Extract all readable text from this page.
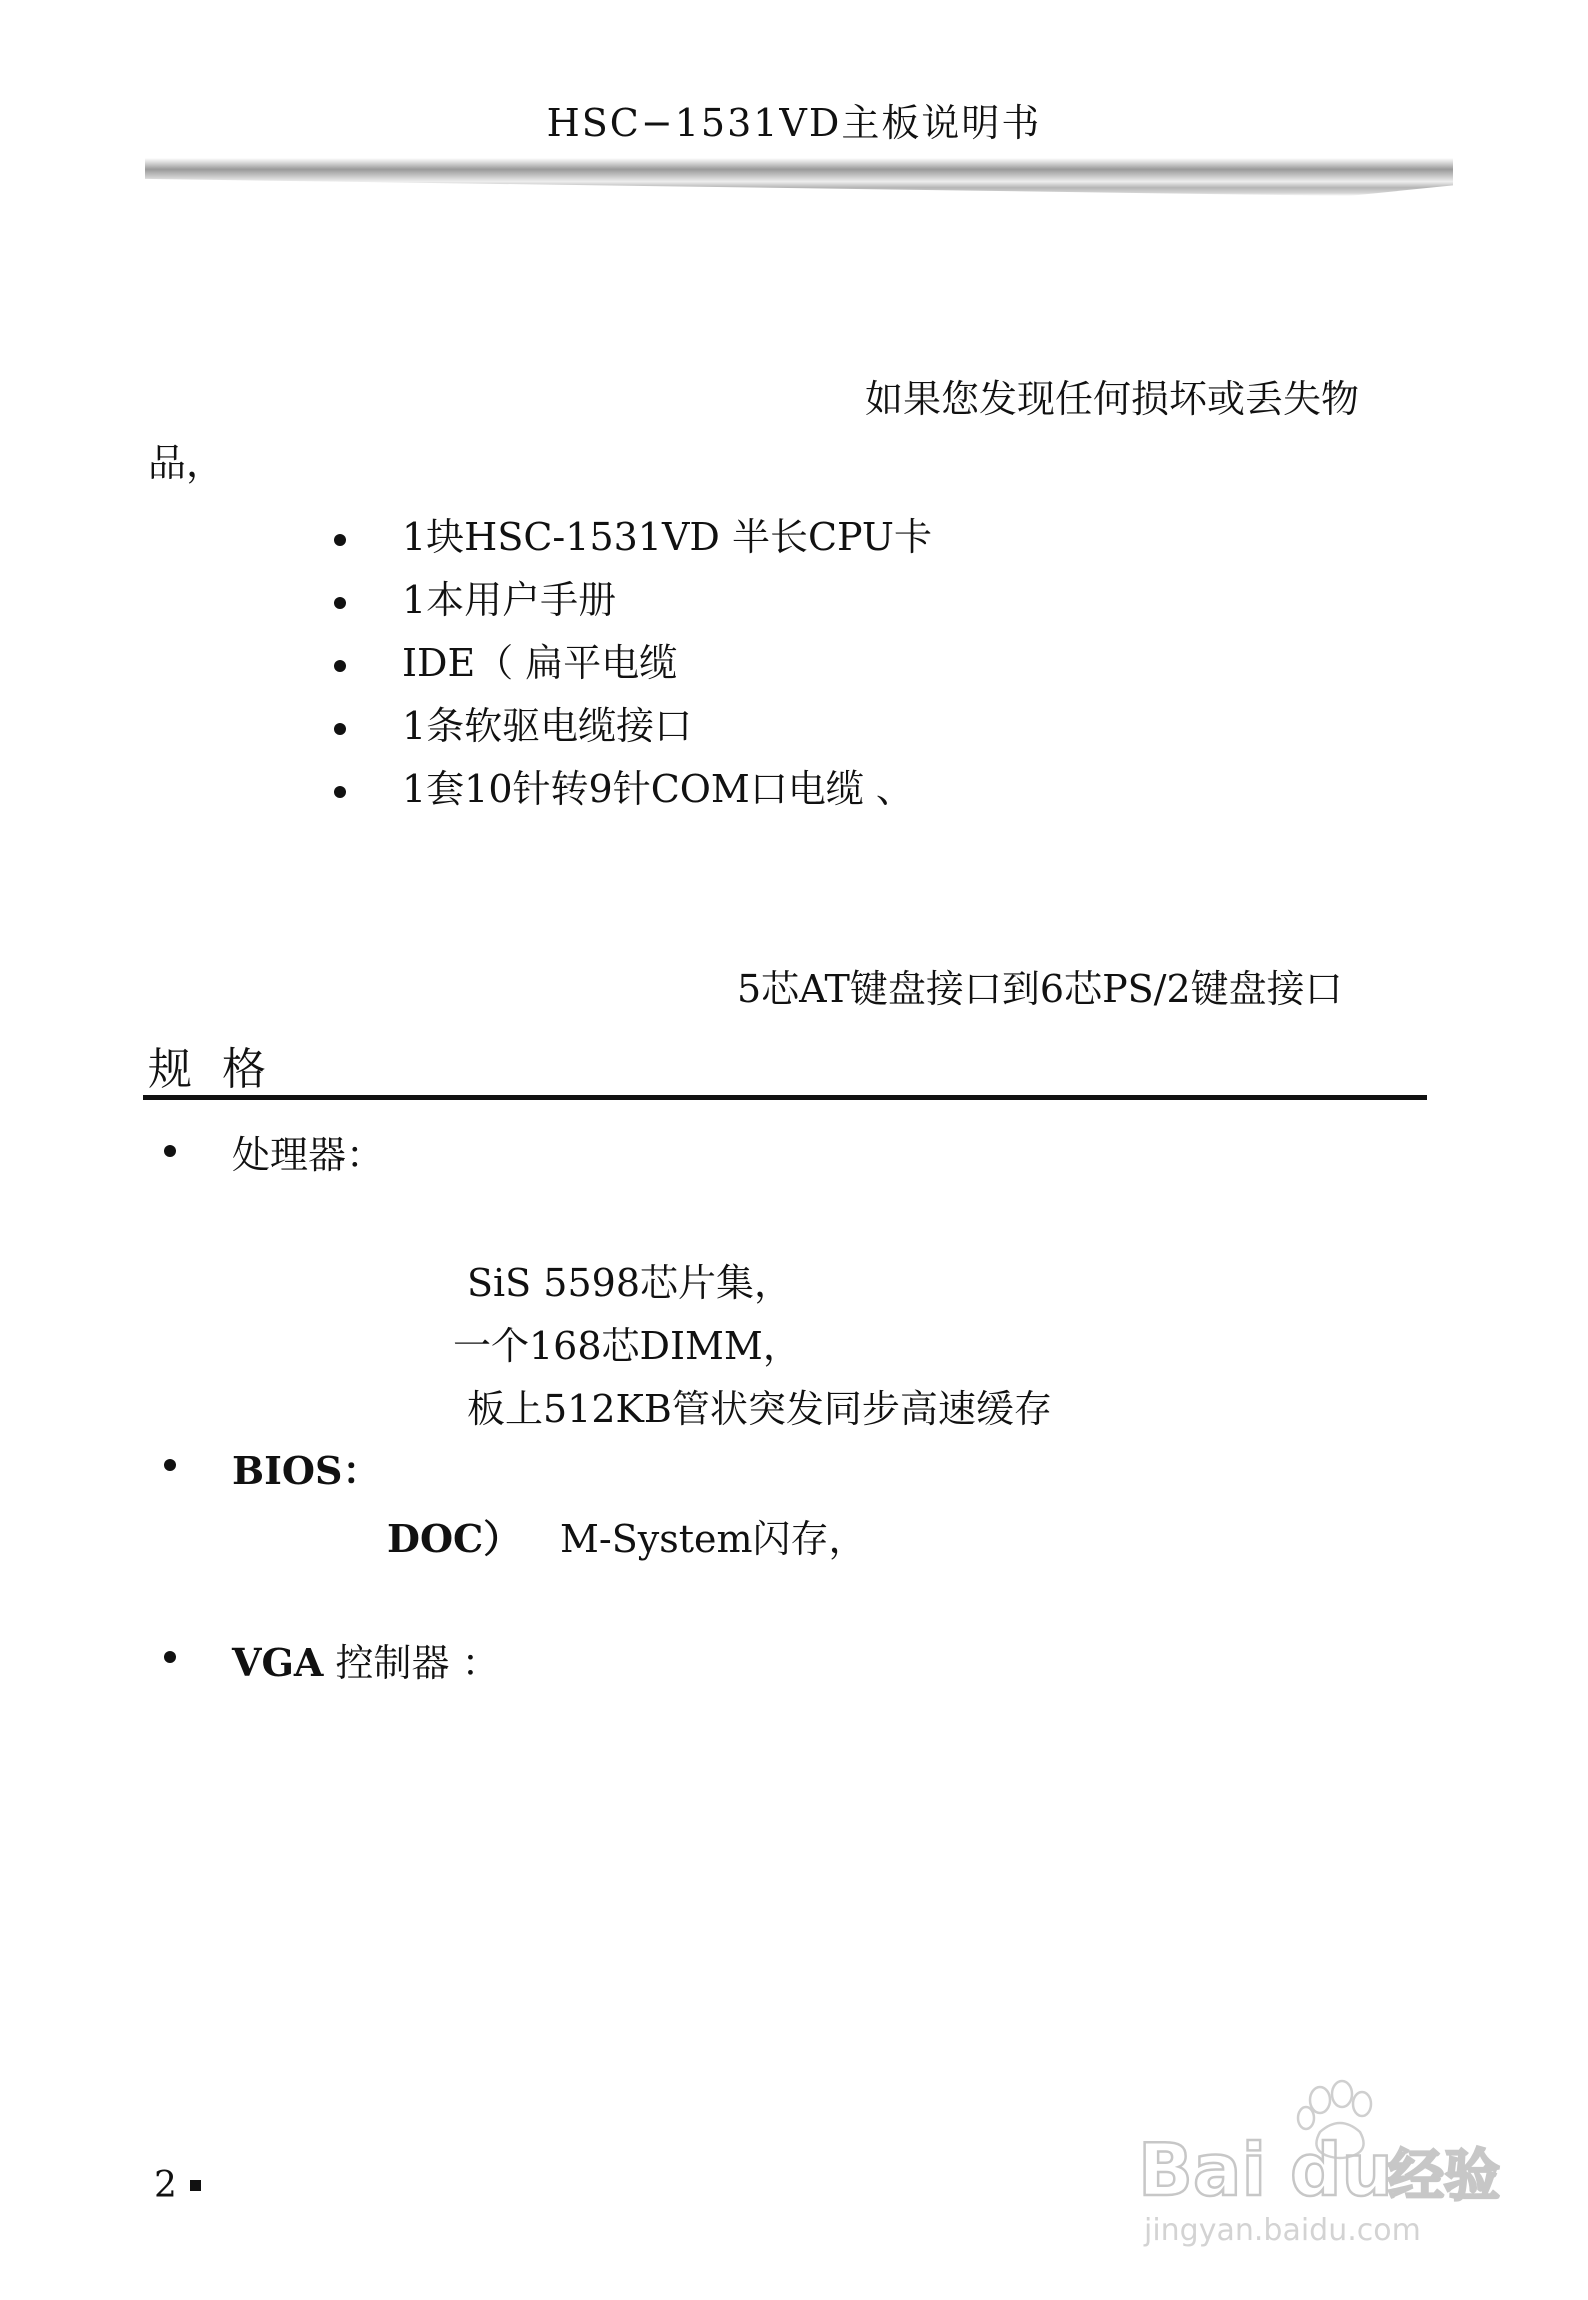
HSC−1531VD主板说明书
如果您发现任何损坏或丢失物
品，
1块HSC-1531VD 半长CPU卡
1本用户手册
IDE（ 扁平电缆
1条软驱电缆接口
1套10针转9针COM口电缆 、
5芯AT键盘接口到6芯PS/2键盘接口
规 格
处理器：
SiS 5598芯片集，
一个168芯DIMM，
板上512KB管状突发同步高速缓存
BIOS：
DOC） M-System闪存，
VGA 控制器 ：
2	Bai du
经验
jingyan.baidu.com
